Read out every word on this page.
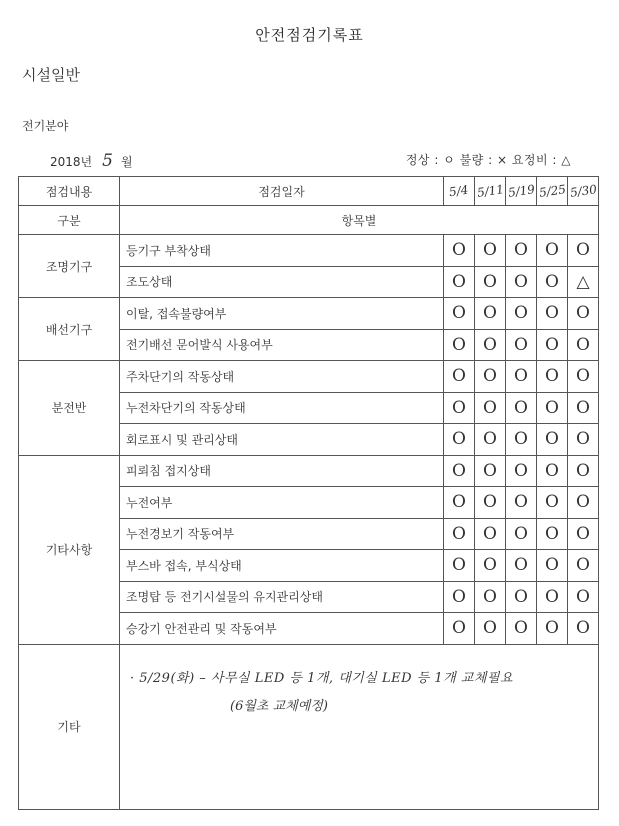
안전점검기록표
시설일반
전기분야
2018년 5 월	정상 : ㅇ 불량 : × 요정비 : △
점검내용	점검일자	5/4	5/11	5/19	5/25	5/30
구분	항목별					
조명기구	등기구 부착상태	O	O	O	O	O
	조도상태	O	O	O	O	△
배선기구	이탈, 접속불량여부	O	O	O	O	O
	전기배선 문어발식 사용여부	O	O	O	O	O
분전반	주차단기의 작동상태	O	O	O	O	O
	누전차단기의 작동상태	O	O	O	O	O
	회로표시 및 관리상태	O	O	O	O	O
기타사항	피뢰침 접지상태	O	O	O	O	O
	누전여부	O	O	O	O	O
	누전경보기 작동여부	O	O	O	O	O
	부스바 접속, 부식상태	O	O	O	O	O
	조명탑 등 전기시설물의 유지관리상태	O	O	O	O	O
	승강기 안전관리 및 작동여부	O	O	O	O	O
기타	· 5/29(화) – 사무실 LED 등 1개, 대기실 LED 등 1개 교체필요
(6월초 교체예정)					
